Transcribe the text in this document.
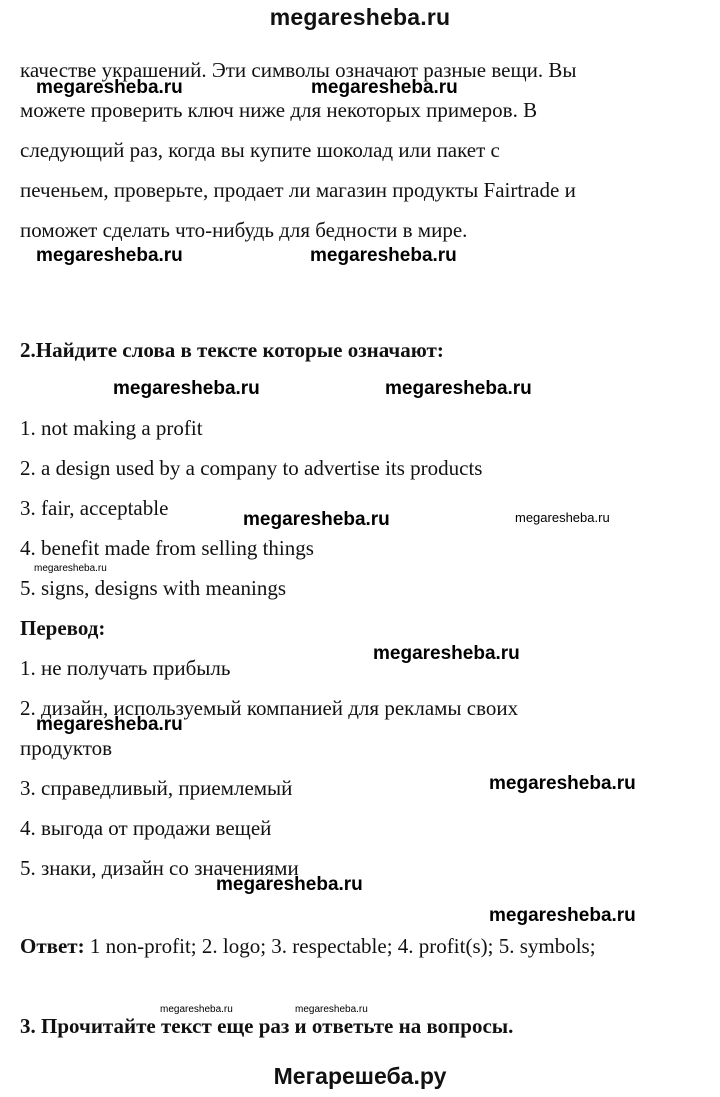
megaresheba.ru
качестве украшений. Эти символы означают разные вещи. Вы
можете проверить ключ ниже для некоторых примеров. В
следующий раз, когда вы купите шоколад или пакет с
печеньем, проверьте, продает ли магазин продукты Fairtrade и
поможет сделать что-нибудь для бедности в мире.
2.Найдите слова в тексте которые означают:
1. not making a profit
2. a design used by a company to advertise its products
3. fair, acceptable
4. benefit made from selling things
5. signs, designs with meanings
Перевод:
1. не получать прибыль
2. дизайн, используемый компанией для рекламы своих
продуктов
3. справедливый, приемлемый
4. выгода от продажи вещей
5. знаки, дизайн со значениями
Ответ: 1 non-profit; 2. logo; 3. respectable; 4. profit(s); 5. symbols;
3. Прочитайте текст еще раз и ответьте на вопросы.
megaresheba.ru	megaresheba.ru
megaresheba.ru	megaresheba.ru
megaresheba.ru	megaresheba.ru
megaresheba.ru	megaresheba.ru
megaresheba.ru
megaresheba.ru
megaresheba.ru
megaresheba.ru
megaresheba.ru
megaresheba.ru
megaresheba.ru	megaresheba.ru
Мегарешеба.ру
